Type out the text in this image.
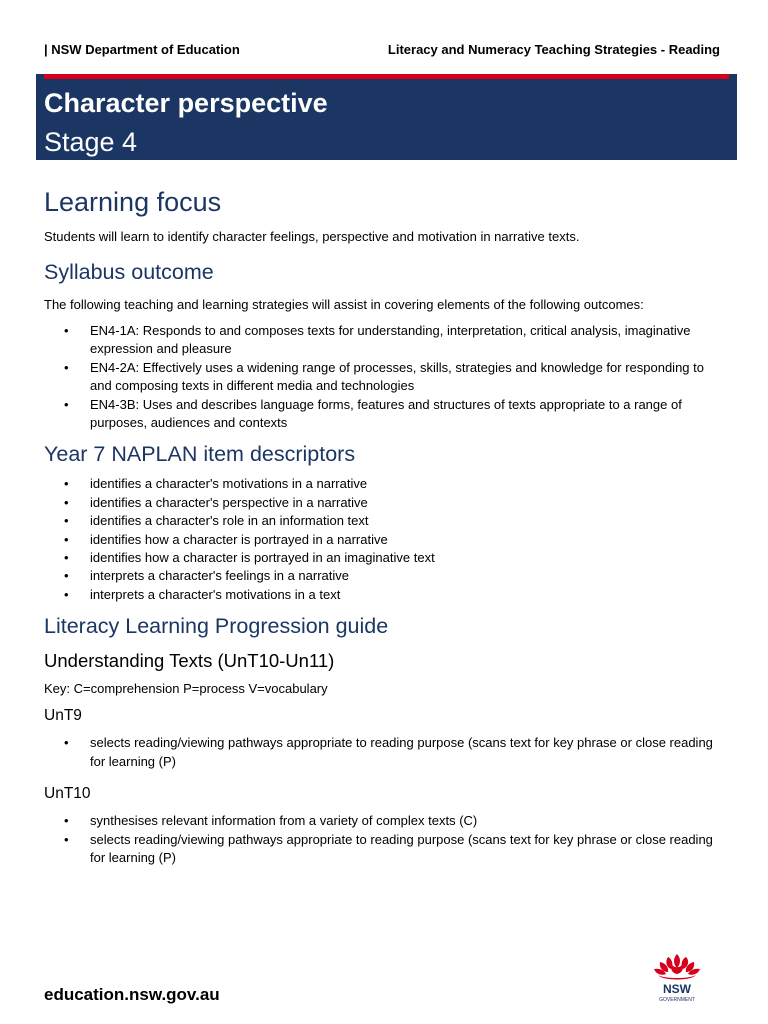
| NSW Department of Education	Literacy and Numeracy Teaching Strategies - Reading
Character perspective
Stage 4
Learning focus

Students will learn to identify character feelings, perspective and motivation in narrative texts.

Syllabus outcome

The following teaching and learning strategies will assist in covering elements of the following outcomes:

• EN4-1A: Responds to and composes texts for understanding, interpretation, critical analysis, imaginative expression and pleasure
• EN4-2A: Effectively uses a widening range of processes, skills, strategies and knowledge for responding to and composing texts in different media and technologies
• EN4-3B: Uses and describes language forms, features and structures of texts appropriate to a range of purposes, audiences and contexts
Year 7 NAPLAN item descriptors
• identifies a character's motivations in a narrative
• identifies a character's perspective in a narrative
• identifies a character's role in an information text
• identifies how a character is portrayed in a narrative
• identifies how a character is portrayed in an imaginative text
• interprets a character's feelings in a narrative
• interprets a character's motivations in a text
Literacy Learning Progression guide
Understanding Texts (UnT10-Un11)

Key: C=comprehension P=process V=vocabulary

UnT9
• selects reading/viewing pathways appropriate to reading purpose (scans text for key phrase or close reading for learning (P)
UnT10
• synthesises relevant information from a variety of complex texts (C)
• selects reading/viewing pathways appropriate to reading purpose (scans text for key phrase or close reading for learning (P)
education.nsw.gov.au	NSW
GOVERNMENT
